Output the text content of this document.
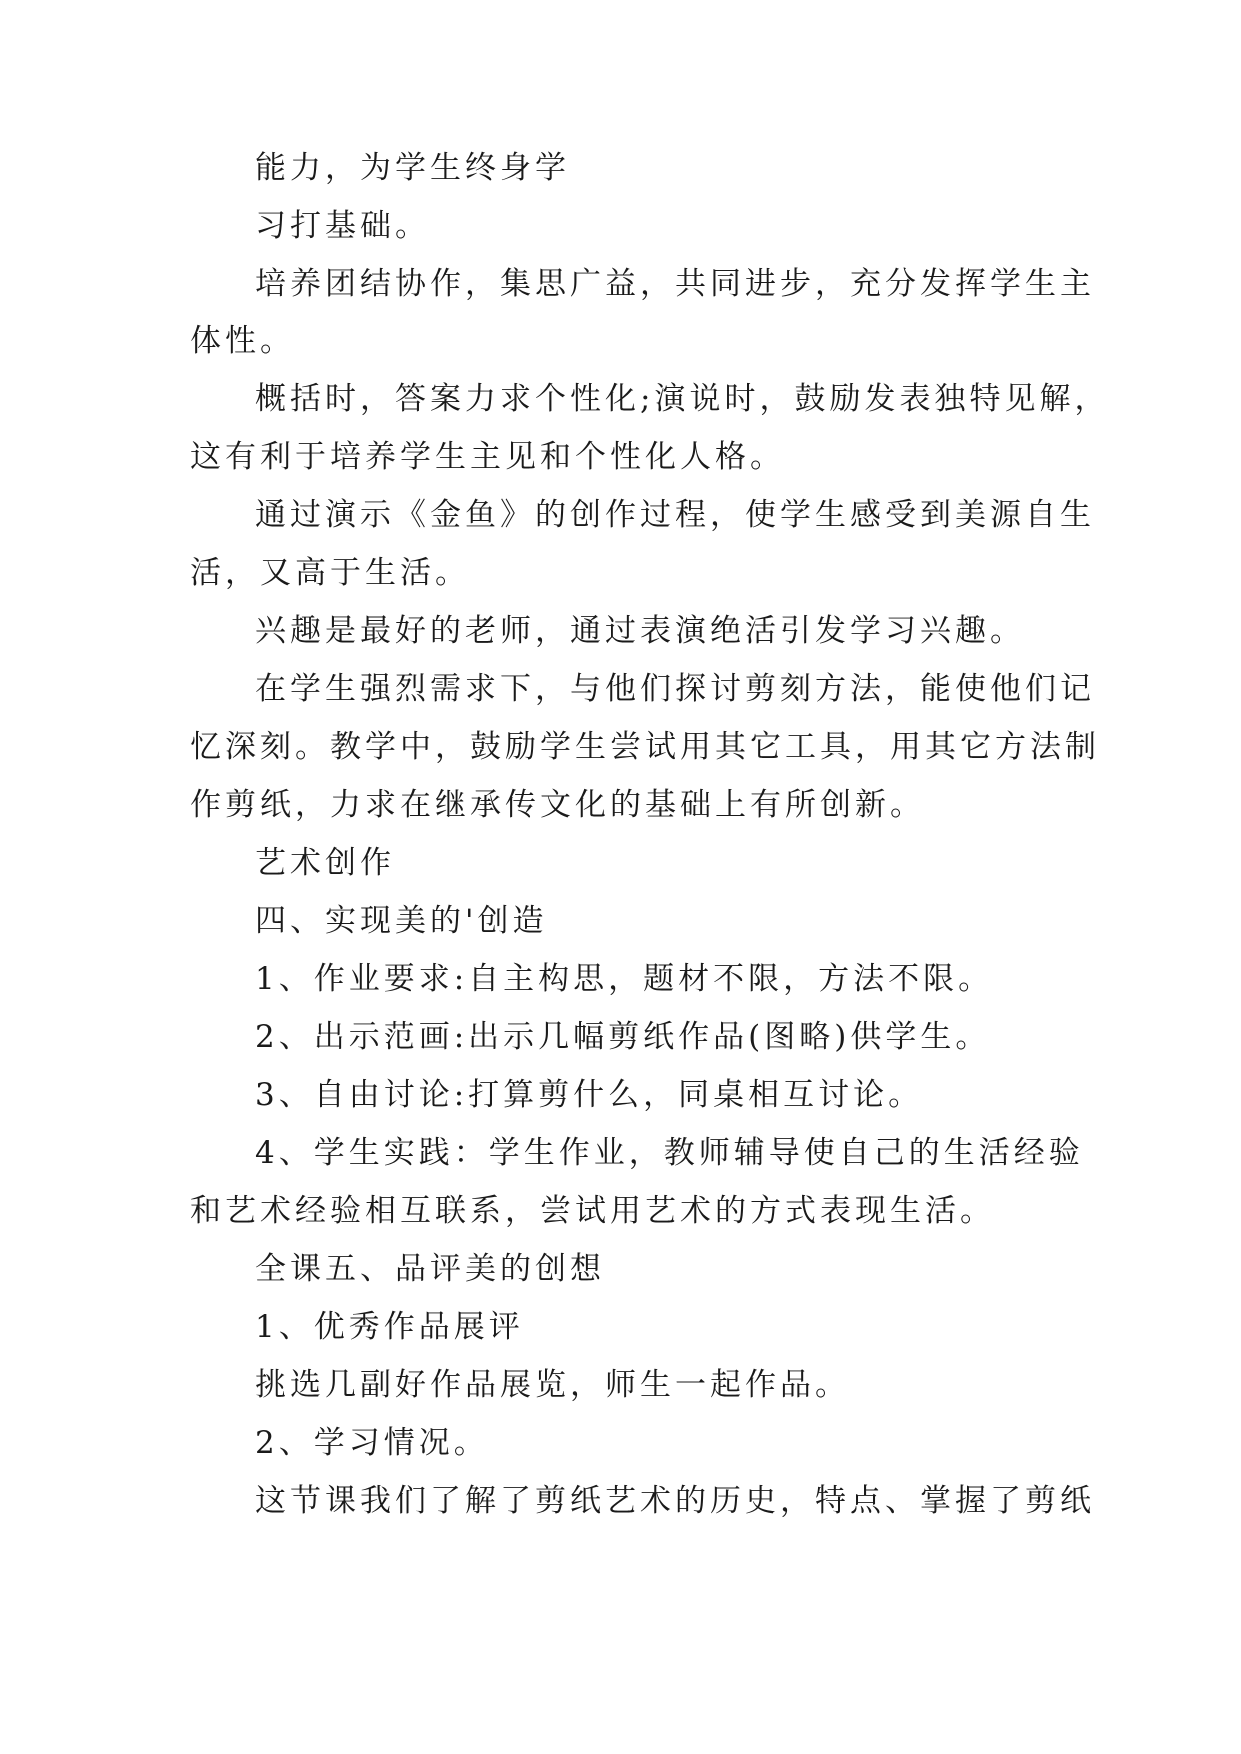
能力，为学生终身学
习打基础。
培养团结协作，集思广益，共同进步，充分发挥学生主
体性。
概括时，答案力求个性化;演说时，鼓励发表独特见解，
这有利于培养学生主见和个性化人格。
通过演示《金鱼》的创作过程，使学生感受到美源自生
活，又高于生活。
兴趣是最好的老师，通过表演绝活引发学习兴趣。
在学生强烈需求下，与他们探讨剪刻方法，能使他们记
忆深刻。教学中，鼓励学生尝试用其它工具，用其它方法制
作剪纸，力求在继承传文化的基础上有所创新。
艺术创作
四、实现美的'创造
1、作业要求:自主构思，题材不限，方法不限。
2、出示范画:出示几幅剪纸作品(图略)供学生。
3、自由讨论:打算剪什么，同桌相互讨论。
4、学生实践：学生作业，教师辅导使自己的生活经验
和艺术经验相互联系，尝试用艺术的方式表现生活。
全课五、品评美的创想
1、优秀作品展评
挑选几副好作品展览，师生一起作品。
2、学习情况。
这节课我们了解了剪纸艺术的历史，特点、掌握了剪纸
